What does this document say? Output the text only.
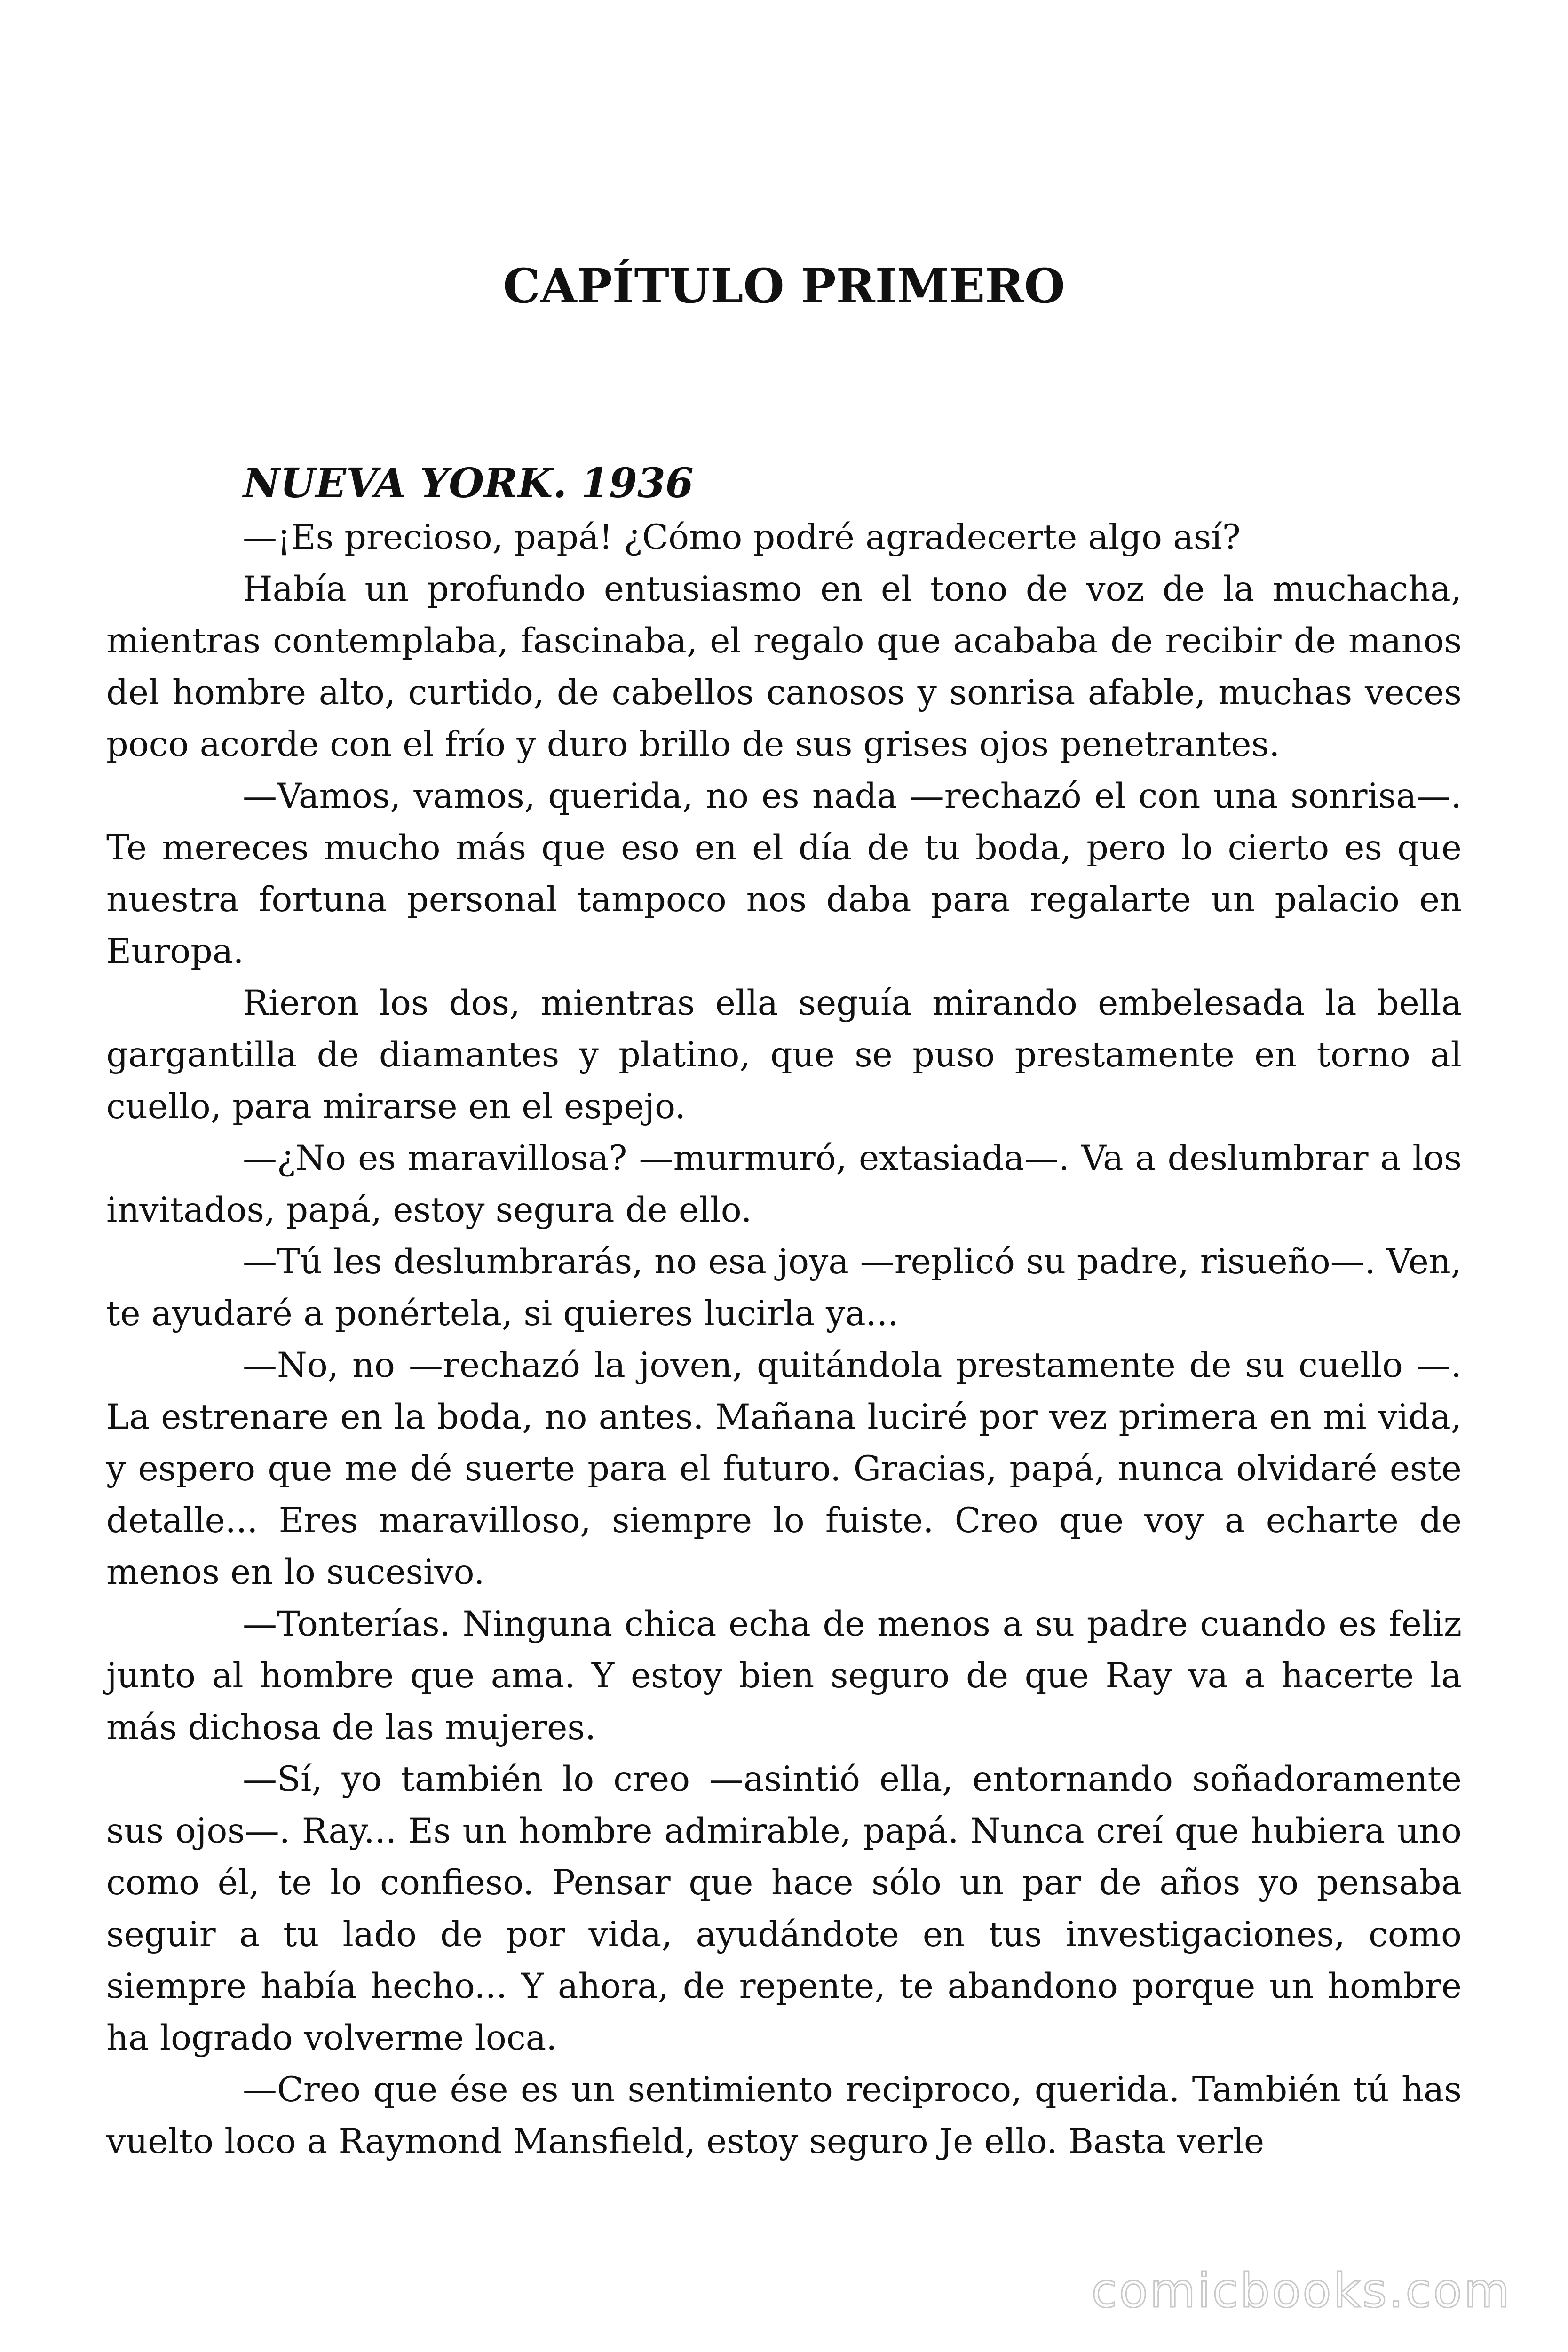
CAPÍTULO PRIMERO
NUEVA YORK. 1936

—¡Es precioso, papá! ¿Cómo podré agradecerte algo así?

Había un profundo entusiasmo en el tono de voz de la muchacha, mientras contemplaba, fascinaba, el regalo que acababa de recibir de manos del hombre alto, curtido, de cabellos canosos y sonrisa afable, muchas veces poco acorde con el frío y duro brillo de sus grises ojos penetrantes.

—Vamos, vamos, querida, no es nada —rechazó el con una sonrisa—. Te mereces mucho más que eso en el día de tu boda, pero lo cierto es que nuestra fortuna personal tampoco nos daba para regalarte un palacio en Europa.

Rieron los dos, mientras ella seguía mirando embelesada la bella gargantilla de diamantes y platino, que se puso prestamente en torno al cuello, para mirarse en el espejo.

—¿No es maravillosa? —murmuró, extasiada—. Va a deslumbrar a los invitados, papá, estoy segura de ello.

—Tú les deslumbrarás, no esa joya —replicó su padre, risueño—. Ven, te ayudaré a ponértela, si quieres lucirla ya...

—No, no —rechazó la joven, quitándola prestamente de su cuello —. La estrenare en la boda, no antes. Mañana luciré por vez primera en mi vida, y espero que me dé suerte para el futuro. Gracias, papá, nunca olvidaré este detalle... Eres maravilloso, siempre lo fuiste. Creo que voy a echarte de menos en lo sucesivo.

—Tonterías. Ninguna chica echa de menos a su padre cuando es feliz junto al hombre que ama. Y estoy bien seguro de que Ray va a hacerte la más dichosa de las mujeres.

—Sí, yo también lo creo —asintió ella, entornando soñadoramente sus ojos—. Ray... Es un hombre admirable, papá. Nunca creí que hubiera uno como él, te lo confieso. Pensar que hace sólo un par de años yo pensaba seguir a tu lado de por vida, ayudándote en tus investigaciones, como siempre había hecho... Y ahora, de repente, te abandono porque un hombre ha logrado volverme loca.

—Creo que ése es un sentimiento reciproco, querida. También tú has vuelto loco a Raymond Mansfield, estoy seguro Je ello. Basta verle

comicbooks.com
